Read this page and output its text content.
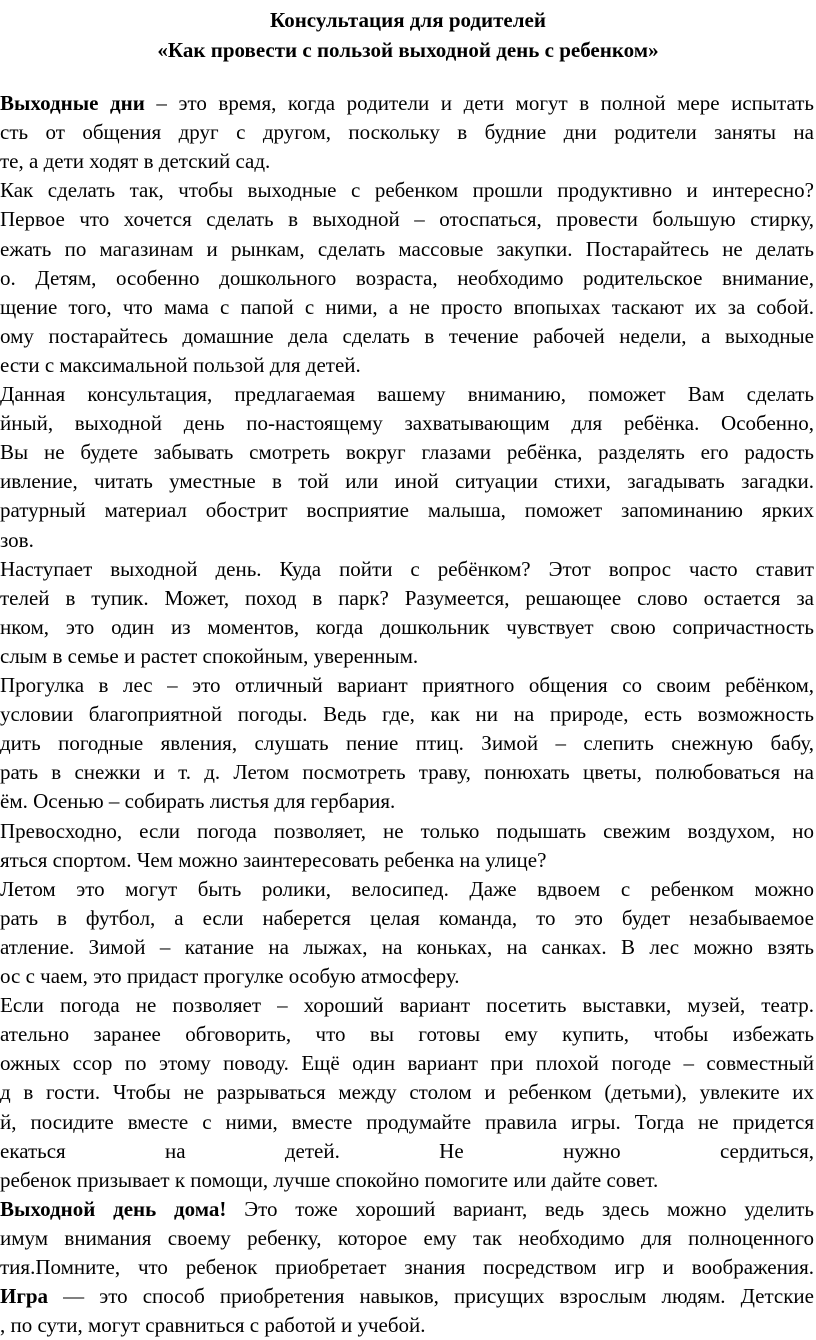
Консультация для родителей
«Как провести с пользой выходной день с ребенком»
Выходные дни – это время, когда родители и дети могут в полной мере испытать
сть от общения друг с другом, поскольку в будние дни родители заняты на
те, а дети ходят в детский сад.
Как сделать так, чтобы выходные с ребенком прошли продуктивно и интересно?
Первое что хочется сделать в выходной – отоспаться, провести большую стирку,
ежать по магазинам и рынкам, сделать массовые закупки. Постарайтесь не делать
о. Детям, особенно дошкольного возраста, необходимо родительское внимание,
щение того, что мама с папой с ними, а не просто впопыхах таскают их за собой.
ому постарайтесь домашние дела сделать в течение рабочей недели, а выходные
ести с максимальной пользой для детей.
Данная консультация, предлагаемая вашему вниманию, поможет Вам сделать
йный, выходной день по-настоящему захватывающим для ребёнка. Особенно,
Вы не будете забывать смотреть вокруг глазами ребёнка, разделять его радость
ивление, читать уместные в той или иной ситуации стихи, загадывать загадки.
ратурный материал обострит восприятие малыша, поможет запоминанию ярких
зов.
Наступает выходной день. Куда пойти с ребёнком? Этот вопрос часто ставит
телей в тупик. Может, поход в парк? Разумеется, решающее слово остается за
нком, это один из моментов, когда дошкольник чувствует свою сопричастность
слым в семье и растет спокойным, уверенным.
Прогулка в лес – это отличный вариант приятного общения со своим ребёнком,
условии благоприятной погоды. Ведь где, как ни на природе, есть возможность
дить погодные явления, слушать пение птиц. Зимой – слепить снежную бабу,
рать в снежки и т. д. Летом посмотреть траву, понюхать цветы, полюбоваться на
ём. Осенью – собирать листья для гербария.
Превосходно, если погода позволяет, не только подышать свежим воздухом, но
яться спортом. Чем можно заинтересовать ребенка на улице?
Летом это могут быть ролики, велосипед. Даже вдвоем с ребенком можно
рать в футбол, а если наберется целая команда, то это будет незабываемое
атление. Зимой – катание на лыжах, на коньках, на санках. В лес можно взять
ос с чаем, это придаст прогулке особую атмосферу.
Если погода не позволяет – хороший вариант посетить выставки, музей, театр.
ательно заранее обговорить, что вы готовы ему купить, чтобы избежать
ожных ссор по этому поводу. Ещё один вариант при плохой погоде – совместный
д в гости. Чтобы не разрываться между столом и ребенком (детьми), увлеките их
й, посидите вместе с ними, вместе продумайте правила игры. Тогда не придется
екаться на детей. Не нужно сердиться,
ребенок призывает к помощи, лучше спокойно помогите или дайте совет.
Выходной день дома! Это тоже хороший вариант, ведь здесь можно уделить
имум внимания своему ребенку, которое ему так необходимо для полноценного
тия.Помните, что ребенок приобретает знания посредством игр и воображения.
Игра — это способ приобретения навыков, присущих взрослым людям. Детские
, по сути, могут сравниться с работой и учебой.
